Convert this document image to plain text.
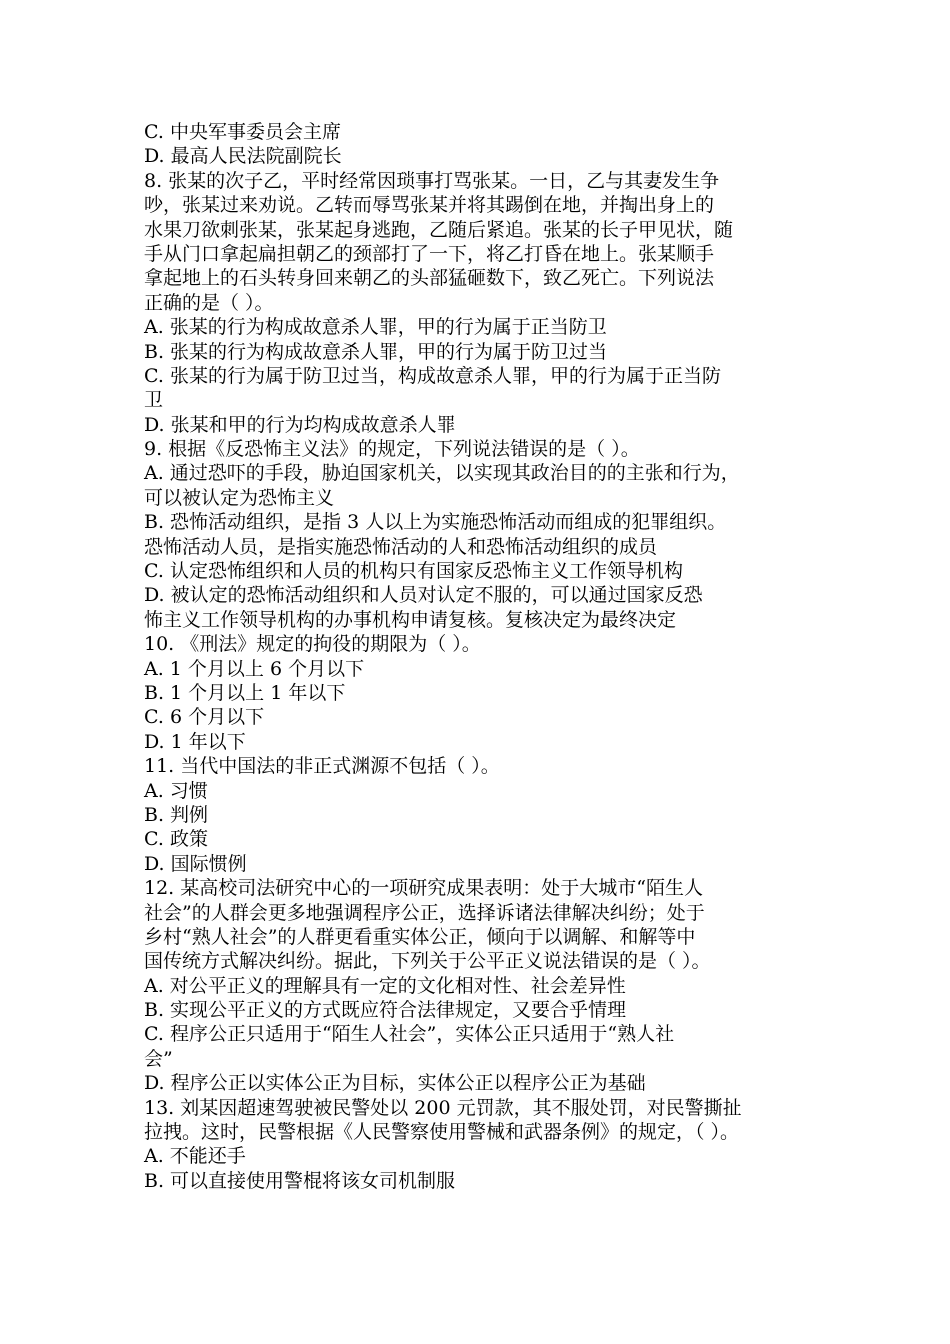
C. 中央军事委员会主席
D. 最高人民法院副院长
8. 张某的次子乙，平时经常因琐事打骂张某。一日，乙与其妻发生争
吵，张某过来劝说。乙转而辱骂张某并将其踢倒在地，并掏出身上的
水果刀欲刺张某，张某起身逃跑，乙随后紧追。张某的长子甲见状，随
手从门口拿起扁担朝乙的颈部打了一下，将乙打昏在地上。张某顺手
拿起地上的石头转身回来朝乙的头部猛砸数下，致乙死亡。下列说法
正确的是（ ）。
A. 张某的行为构成故意杀人罪，甲的行为属于正当防卫
B. 张某的行为构成故意杀人罪，甲的行为属于防卫过当
C. 张某的行为属于防卫过当，构成故意杀人罪，甲的行为属于正当防
卫
D. 张某和甲的行为均构成故意杀人罪
9. 根据《反恐怖主义法》的规定，下列说法错误的是（ ）。
A. 通过恐吓的手段，胁迫国家机关，以实现其政治目的的主张和行为，
可以被认定为恐怖主义
B. 恐怖活动组织，是指 3 人以上为实施恐怖活动而组成的犯罪组织。
恐怖活动人员，是指实施恐怖活动的人和恐怖活动组织的成员
C. 认定恐怖组织和人员的机构只有国家反恐怖主义工作领导机构
D. 被认定的恐怖活动组织和人员对认定不服的，可以通过国家反恐
怖主义工作领导机构的办事机构申请复核。复核决定为最终决定
10. 《刑法》规定的拘役的期限为（ ）。
A. 1 个月以上 6 个月以下
B. 1 个月以上 1 年以下
C. 6 个月以下
D. 1 年以下
11. 当代中国法的非正式渊源不包括（ ）。
A. 习惯
B. 判例
C. 政策
D. 国际惯例
12. 某高校司法研究中心的一项研究成果表明：处于大城市“陌生人
社会”的人群会更多地强调程序公正，选择诉诸法律解决纠纷；处于
乡村“熟人社会”的人群更看重实体公正，倾向于以调解、和解等中
国传统方式解决纠纷。据此，下列关于公平正义说法错误的是（ ）。
A. 对公平正义的理解具有一定的文化相对性、社会差异性
B. 实现公平正义的方式既应符合法律规定，又要合乎情理
C. 程序公正只适用于“陌生人社会”，实体公正只适用于“熟人社
会”
D. 程序公正以实体公正为目标，实体公正以程序公正为基础
13. 刘某因超速驾驶被民警处以 200 元罚款，其不服处罚，对民警撕扯
拉拽。这时，民警根据《人民警察使用警械和武器条例》的规定，（ ）。
A. 不能还手
B. 可以直接使用警棍将该女司机制服
